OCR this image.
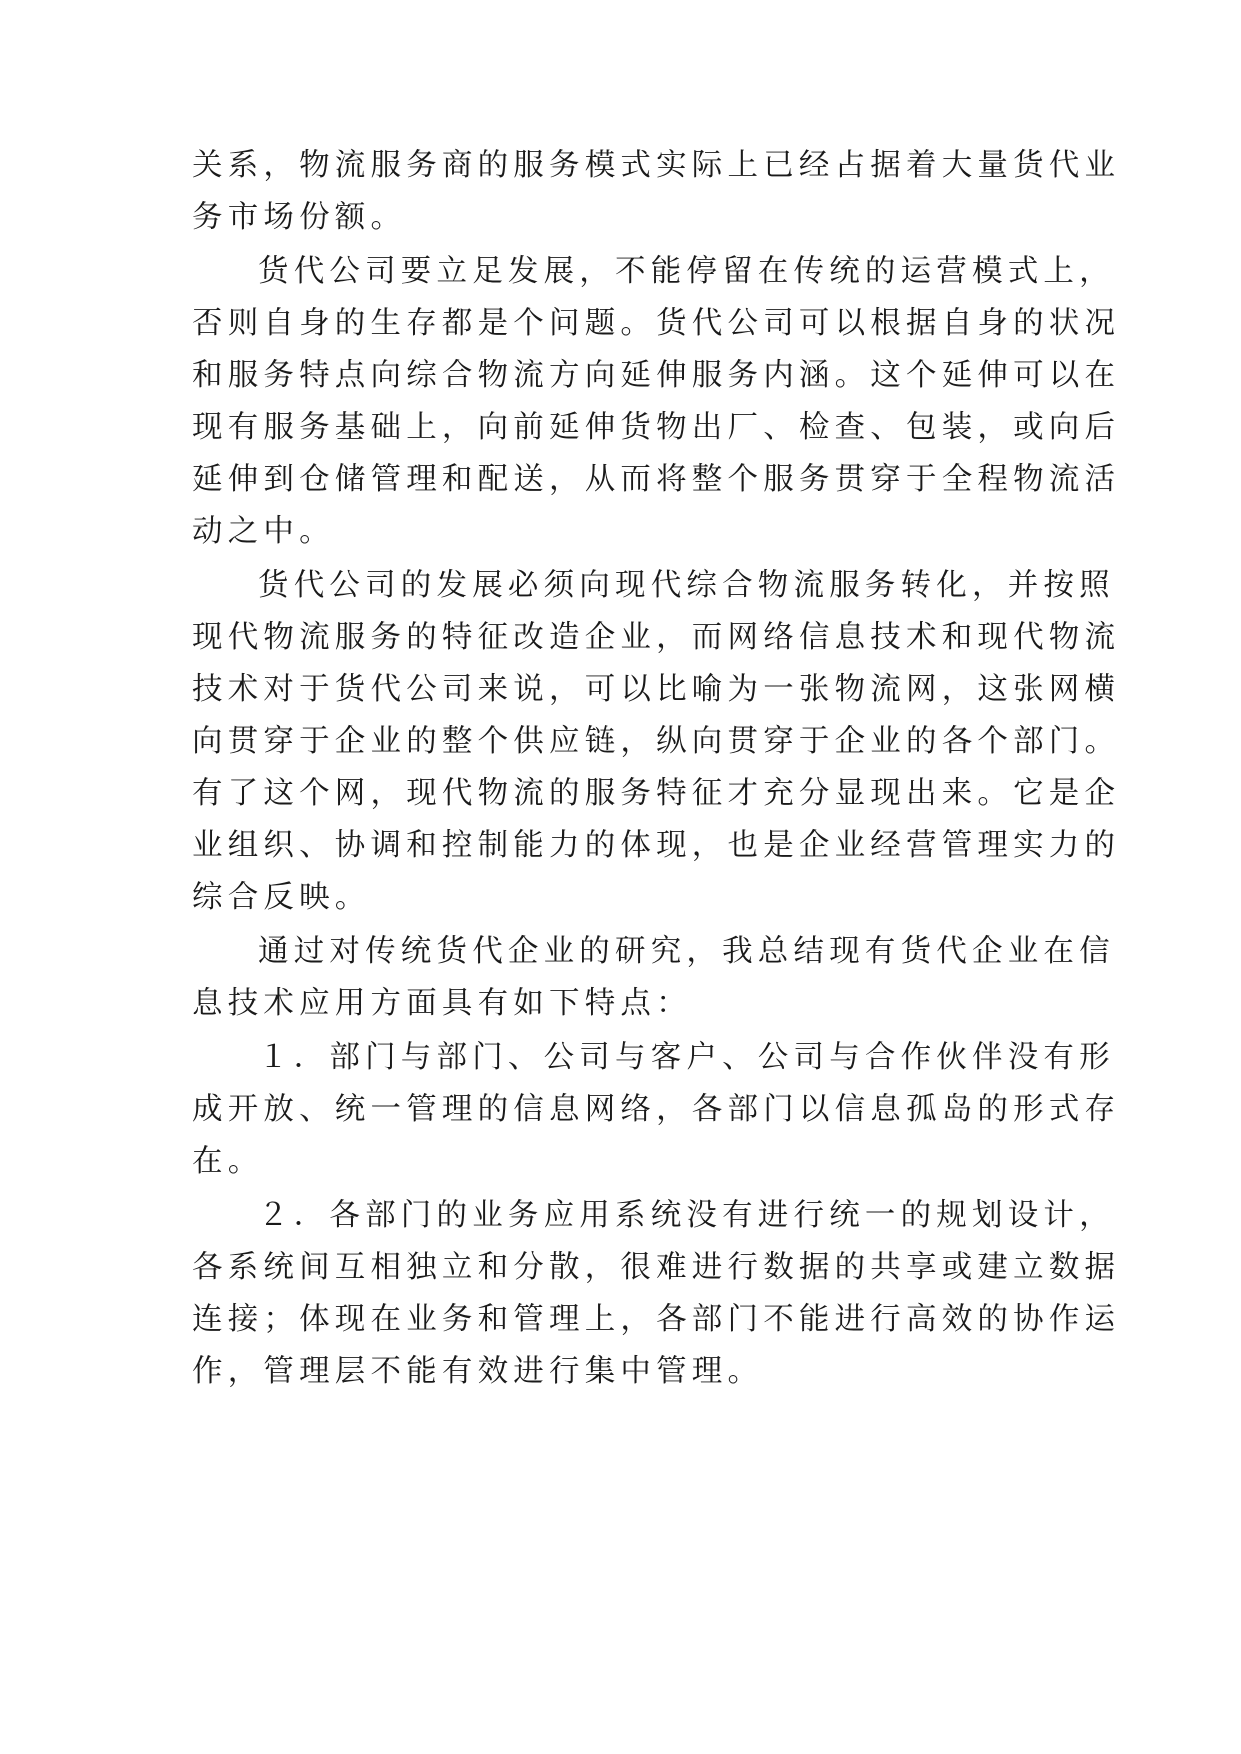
关系，物流服务商的服务模式实际上已经占据着大量货代业

务市场份额。

货代公司要立足发展，不能停留在传统的运营模式上，

否则自身的生存都是个问题。货代公司可以根据自身的状况

和服务特点向综合物流方向延伸服务内涵。这个延伸可以在

现有服务基础上，向前延伸货物出厂、检查、包装，或向后

延伸到仓储管理和配送，从而将整个服务贯穿于全程物流活

动之中。

货代公司的发展必须向现代综合物流服务转化，并按照

现代物流服务的特征改造企业，而网络信息技术和现代物流

技术对于货代公司来说，可以比喻为一张物流网，这张网横

向贯穿于企业的整个供应链，纵向贯穿于企业的各个部门。

有了这个网，现代物流的服务特征才充分显现出来。它是企

业组织、协调和控制能力的体现，也是企业经营管理实力的

综合反映。

通过对传统货代企业的研究，我总结现有货代企业在信

息技术应用方面具有如下特点：

１．部门与部门、公司与客户、公司与合作伙伴没有形

成开放、统一管理的信息网络，各部门以信息孤岛的形式存

在。

２．各部门的业务应用系统没有进行统一的规划设计，

各系统间互相独立和分散，很难进行数据的共享或建立数据

连接；体现在业务和管理上，各部门不能进行高效的协作运

作，管理层不能有效进行集中管理。
